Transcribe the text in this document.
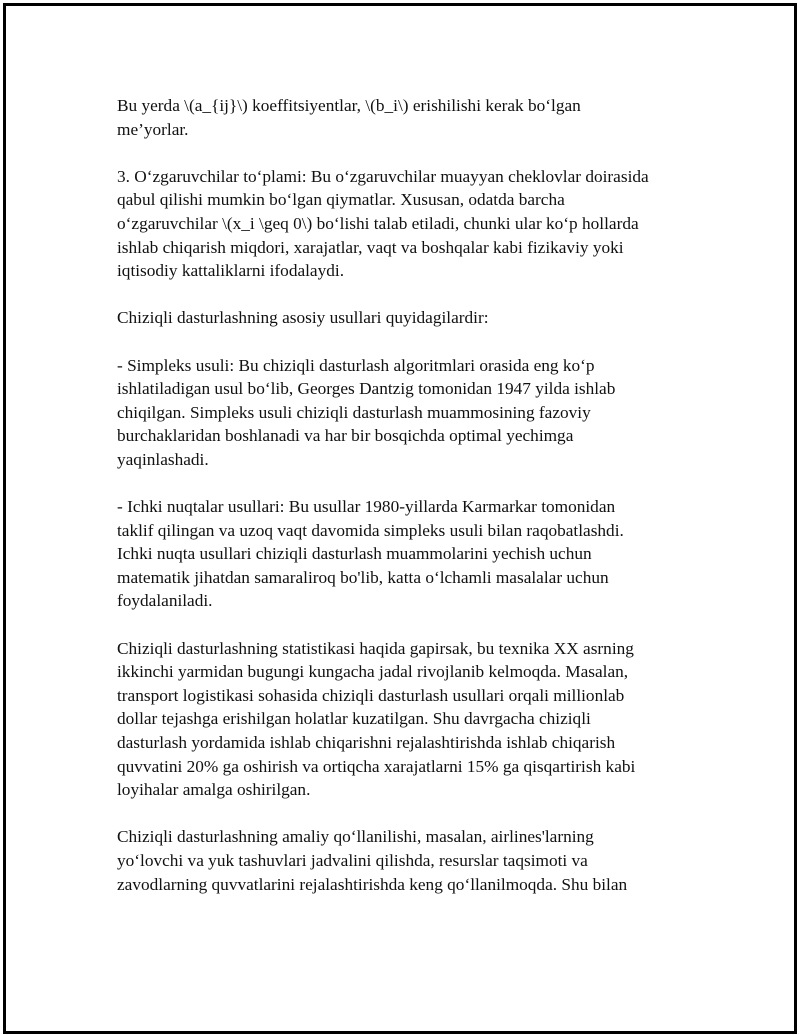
Bu yerda \(a_{ij}\) koeffitsiyentlar, \(b_i\) erishilishi kerak bo‘lgan
me’yorlar.

3. O‘zgaruvchilar to‘plami: Bu o‘zgaruvchilar muayyan cheklovlar doirasida
qabul qilishi mumkin bo‘lgan qiymatlar. Xususan, odatda barcha
o‘zgaruvchilar \(x_i \geq 0\) bo‘lishi talab etiladi, chunki ular ko‘p hollarda
ishlab chiqarish miqdori, xarajatlar, vaqt va boshqalar kabi fizikaviy yoki
iqtisodiy kattaliklarni ifodalaydi.

Chiziqli dasturlashning asosiy usullari quyidagilardir:

- Simpleks usuli: Bu chiziqli dasturlash algoritmlari orasida eng ko‘p
ishlatiladigan usul bo‘lib, Georges Dantzig tomonidan 1947 yilda ishlab
chiqilgan. Simpleks usuli chiziqli dasturlash muammosining fazoviy
burchaklaridan boshlanadi va har bir bosqichda optimal yechimga
yaqinlashadi.

- Ichki nuqtalar usullari: Bu usullar 1980-yillarda Karmarkar tomonidan
taklif qilingan va uzoq vaqt davomida simpleks usuli bilan raqobatlashdi.
Ichki nuqta usullari chiziqli dasturlash muammolarini yechish uchun
matematik jihatdan samaraliroq bo'lib, katta o‘lchamli masalalar uchun
foydalaniladi.

Chiziqli dasturlashning statistikasi haqida gapirsak, bu texnika XX asrning
ikkinchi yarmidan bugungi kungacha jadal rivojlanib kelmoqda. Masalan,
transport logistikasi sohasida chiziqli dasturlash usullari orqali millionlab
dollar tejashga erishilgan holatlar kuzatilgan. Shu davrgacha chiziqli
dasturlash yordamida ishlab chiqarishni rejalashtirishda ishlab chiqarish
quvvatini 20% ga oshirish va ortiqcha xarajatlarni 15% ga qisqartirish kabi
loyihalar amalga oshirilgan.

Chiziqli dasturlashning amaliy qo‘llanilishi, masalan, airlines'larning
yo‘lovchi va yuk tashuvlari jadvalini qilishda, resurslar taqsimoti va
zavodlarning quvvatlarini rejalashtirishda keng qo‘llanilmoqda. Shu bilan
